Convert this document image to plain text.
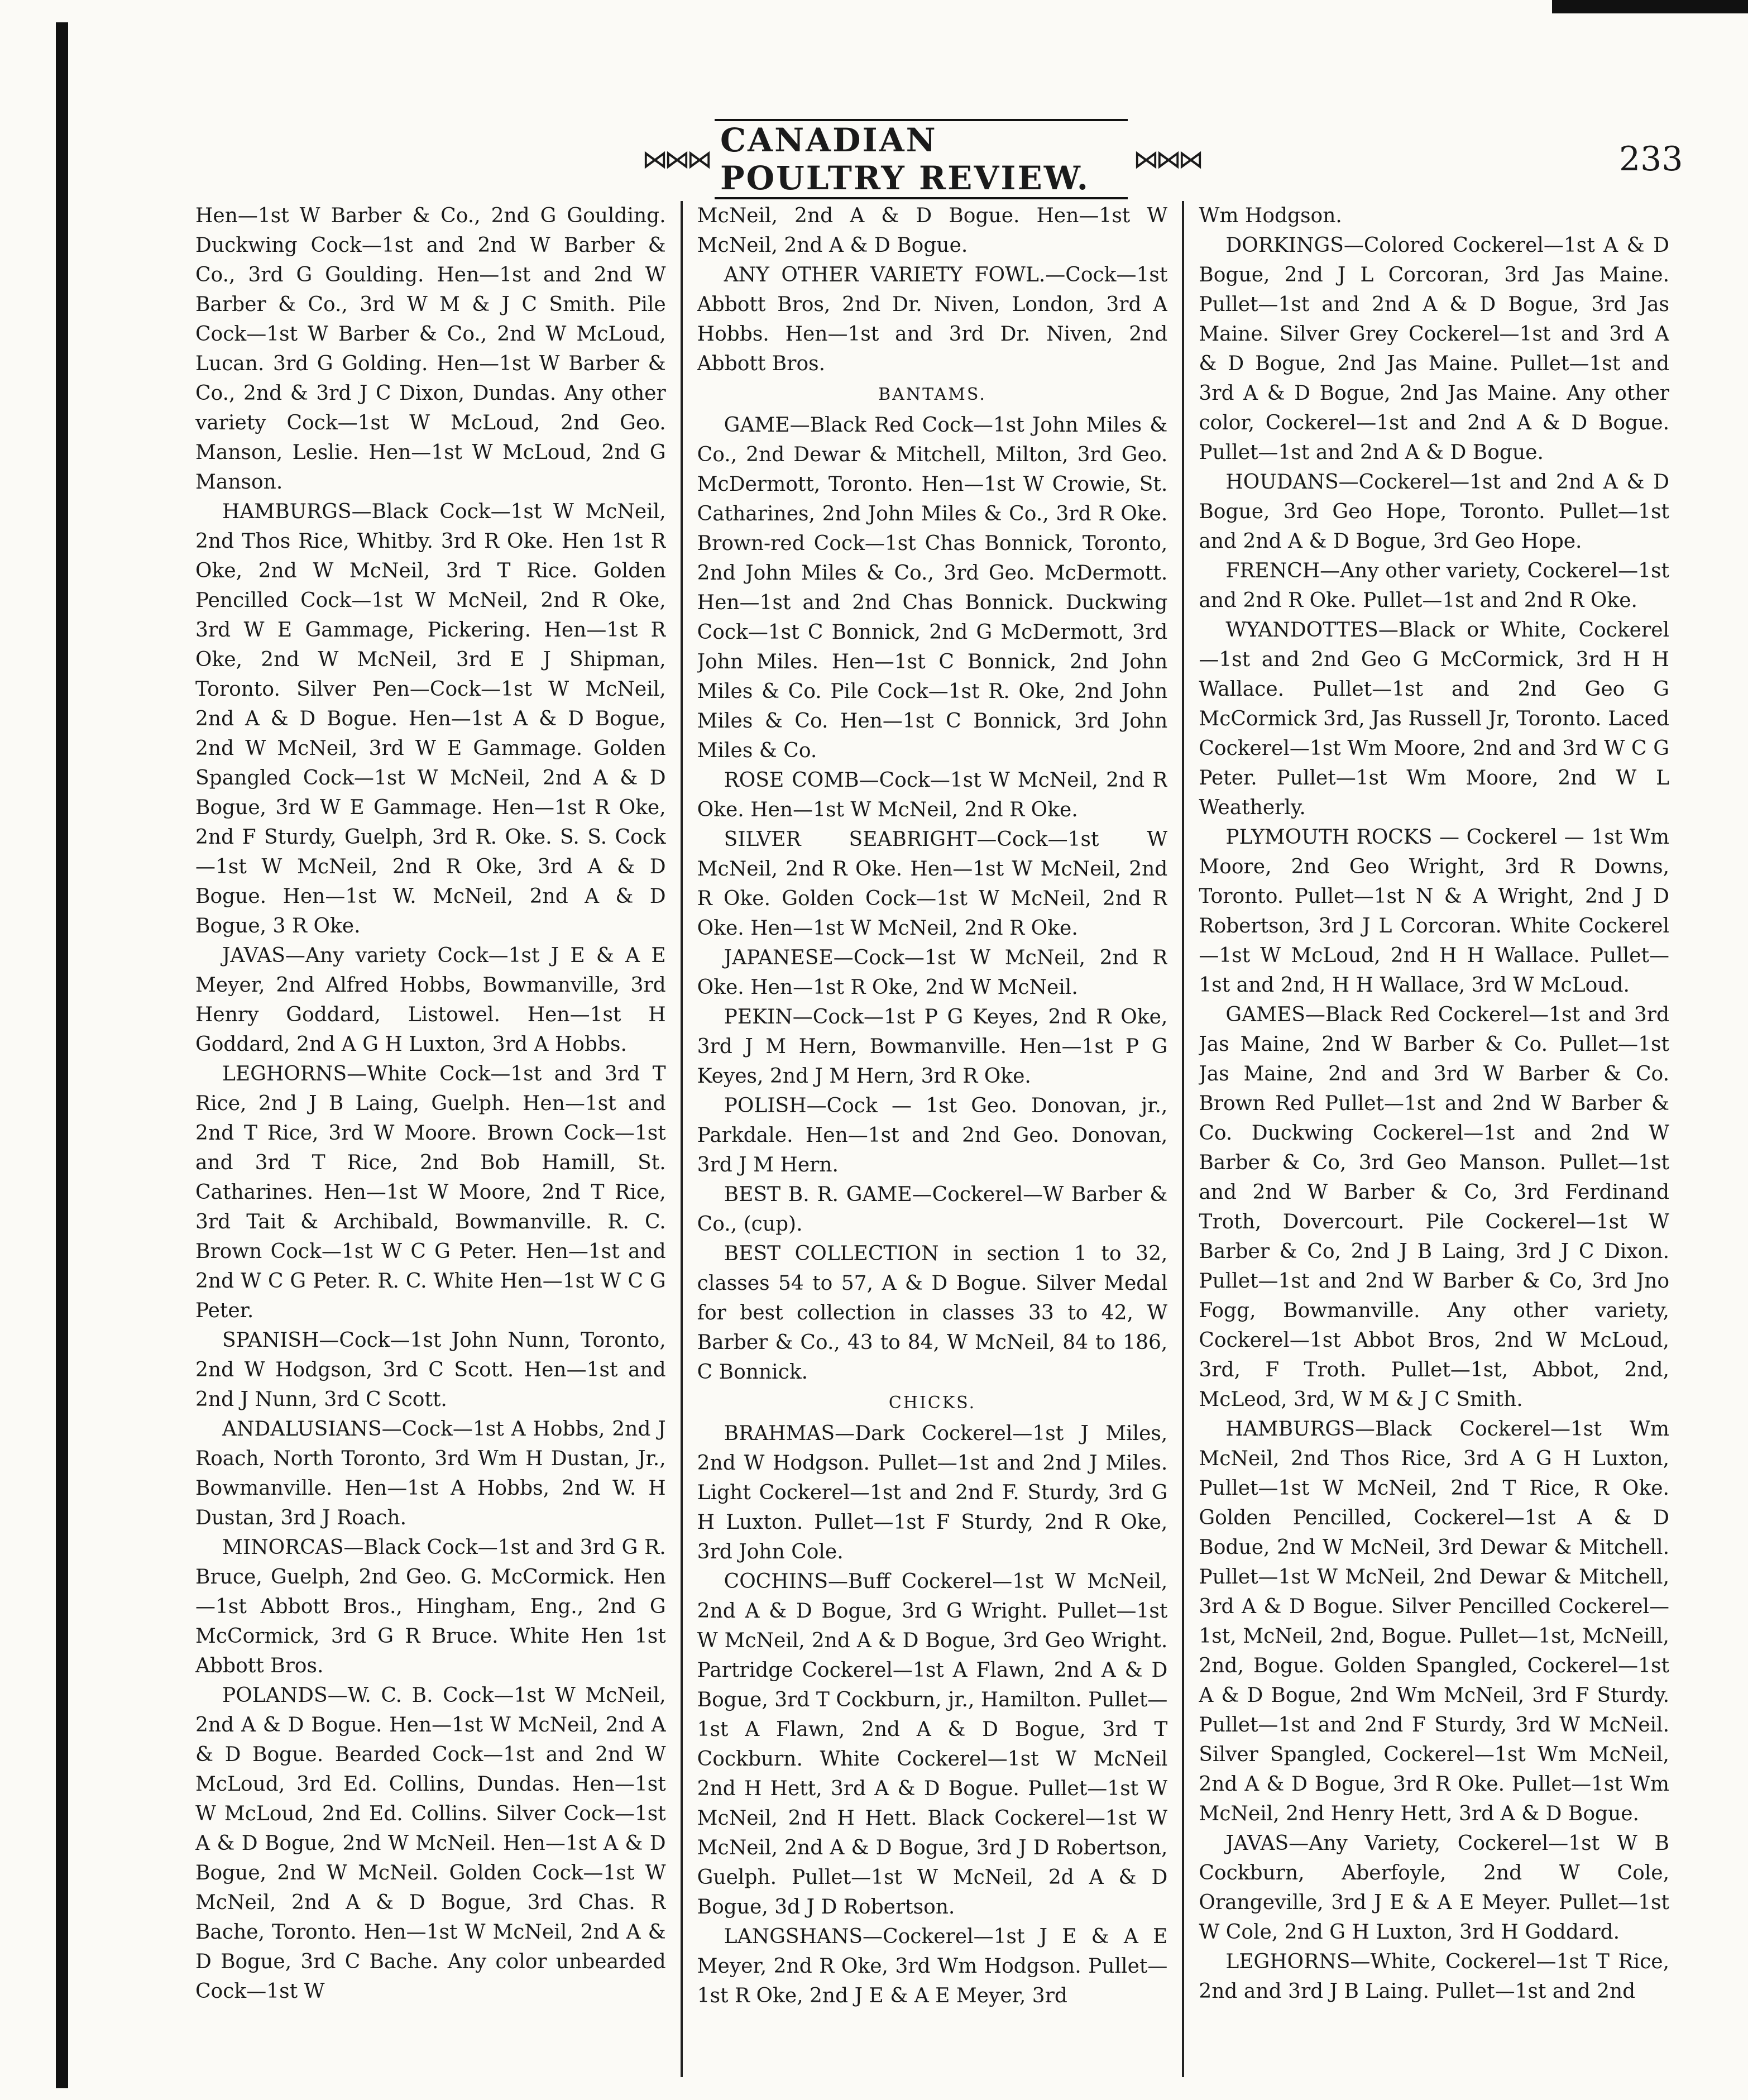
⋈⋈⋈ CANADIAN POULTRY REVIEW.	⋈⋈⋈	233

Hen—1st W Barber & Co., 2nd G Goulding. Duckwing Cock—1st and 2nd W Barber & Co., 3rd G Goulding. Hen—1st and 2nd W Barber & Co., 3rd W M & J C Smith. Pile Cock—1st W Barber & Co., 2nd W McLoud, Lucan. 3rd G Golding. Hen—1st W Barber & Co., 2nd & 3rd J C Dixon, Dundas. Any other variety Cock—1st W McLoud, 2nd Geo. Manson, Leslie. Hen—1st W McLoud, 2nd G Manson.

HAMBURGS—Black Cock—1st W McNeil, 2nd Thos Rice, Whitby. 3rd R Oke. Hen 1st R Oke, 2nd W McNeil, 3rd T Rice. Golden Pencilled Cock—1st W McNeil, 2nd R Oke, 3rd W E Gammage, Pickering. Hen—1st R Oke, 2nd W McNeil, 3rd E J Shipman, Toronto. Silver Pen—Cock—1st W McNeil, 2nd A & D Bogue. Hen—1st A & D Bogue, 2nd W McNeil, 3rd W E Gammage. Golden Spangled Cock—1st W McNeil, 2nd A & D Bogue, 3rd W E Gammage. Hen—1st R Oke, 2nd F Sturdy, Guelph, 3rd R. Oke. S. S. Cock—1st W McNeil, 2nd R Oke, 3rd A & D Bogue. Hen—1st W. McNeil, 2nd A & D Bogue, 3 R Oke.

JAVAS—Any variety Cock—1st J E & A E Meyer, 2nd Alfred Hobbs, Bowmanville, 3rd Henry Goddard, Listowel. Hen—1st H Goddard, 2nd A G H Luxton, 3rd A Hobbs.

LEGHORNS—White Cock—1st and 3rd T Rice, 2nd J B Laing, Guelph. Hen—1st and 2nd T Rice, 3rd W Moore. Brown Cock—1st and 3rd T Rice, 2nd Bob Hamill, St. Catharines. Hen—1st W Moore, 2nd T Rice, 3rd Tait & Archibald, Bowmanville. R. C. Brown Cock—1st W C G Peter. Hen—1st and 2nd W C G Peter. R. C. White Hen—1st W C G Peter.

SPANISH—Cock—1st John Nunn, Toronto, 2nd W Hodgson, 3rd C Scott. Hen—1st and 2nd J Nunn, 3rd C Scott.

ANDALUSIANS—Cock—1st A Hobbs, 2nd J Roach, North Toronto, 3rd Wm H Dustan, Jr., Bowmanville. Hen—1st A Hobbs, 2nd W. H Dustan, 3rd J Roach.

MINORCAS—Black Cock—1st and 3rd G R. Bruce, Guelph, 2nd Geo. G. McCormick. Hen—1st Abbott Bros., Hingham, Eng., 2nd G McCormick, 3rd G R Bruce. White Hen 1st Abbott Bros.

POLANDS—W. C. B. Cock—1st W McNeil, 2nd A & D Bogue. Hen—1st W McNeil, 2nd A & D Bogue. Bearded Cock—1st and 2nd W McLoud, 3rd Ed. Collins, Dundas. Hen—1st W McLoud, 2nd Ed. Collins. Silver Cock—1st A & D Bogue, 2nd W McNeil. Hen—1st A & D Bogue, 2nd W McNeil. Golden Cock—1st W McNeil, 2nd A & D Bogue, 3rd Chas. R Bache, Toronto. Hen—1st W McNeil, 2nd A & D Bogue, 3rd C Bache. Any color unbearded Cock—1st W

McNeil, 2nd A & D Bogue. Hen—1st W McNeil, 2nd A & D Bogue.

ANY OTHER VARIETY FOWL.—Cock—1st Abbott Bros, 2nd Dr. Niven, London, 3rd A Hobbs. Hen—1st and 3rd Dr. Niven, 2nd Abbott Bros.

BANTAMS.

GAME—Black Red Cock—1st John Miles & Co., 2nd Dewar & Mitchell, Milton, 3rd Geo. McDermott, Toronto. Hen—1st W Crowie, St. Catharines, 2nd John Miles & Co., 3rd R Oke. Brown-red Cock—1st Chas Bonnick, Toronto, 2nd John Miles & Co., 3rd Geo. McDermott. Hen—1st and 2nd Chas Bonnick. Duckwing Cock—1st C Bonnick, 2nd G McDermott, 3rd John Miles. Hen—1st C Bonnick, 2nd John Miles & Co. Pile Cock—1st R. Oke, 2nd John Miles & Co. Hen—1st C Bonnick, 3rd John Miles & Co.

ROSE COMB—Cock—1st W McNeil, 2nd R Oke. Hen—1st W McNeil, 2nd R Oke.

SILVER SEABRIGHT—Cock—1st W McNeil, 2nd R Oke. Hen—1st W McNeil, 2nd R Oke. Golden Cock—1st W McNeil, 2nd R Oke. Hen—1st W McNeil, 2nd R Oke.

JAPANESE—Cock—1st W McNeil, 2nd R Oke. Hen—1st R Oke, 2nd W McNeil.

PEKIN—Cock—1st P G Keyes, 2nd R Oke, 3rd J M Hern, Bowmanville. Hen—1st P G Keyes, 2nd J M Hern, 3rd R Oke.

POLISH—Cock — 1st Geo. Donovan, jr., Parkdale. Hen—1st and 2nd Geo. Donovan, 3rd J M Hern.

BEST B. R. GAME—Cockerel—W Barber & Co., (cup).

BEST COLLECTION in section 1 to 32, classes 54 to 57, A & D Bogue. Silver Medal for best collection in classes 33 to 42, W Barber & Co., 43 to 84, W McNeil, 84 to 186, C Bonnick.

CHICKS.

BRAHMAS—Dark Cockerel—1st J Miles, 2nd W Hodgson. Pullet—1st and 2nd J Miles. Light Cockerel—1st and 2nd F. Sturdy, 3rd G H Luxton. Pullet—1st F Sturdy, 2nd R Oke, 3rd John Cole.

COCHINS—Buff Cockerel—1st W McNeil, 2nd A & D Bogue, 3rd G Wright. Pullet—1st W McNeil, 2nd A & D Bogue, 3rd Geo Wright. Partridge Cockerel—1st A Flawn, 2nd A & D Bogue, 3rd T Cockburn, jr., Hamilton. Pullet—1st A Flawn, 2nd A & D Bogue, 3rd T Cockburn. White Cockerel—1st W McNeil 2nd H Hett, 3rd A & D Bogue. Pullet—1st W McNeil, 2nd H Hett. Black Cockerel—1st W McNeil, 2nd A & D Bogue, 3rd J D Robertson, Guelph. Pullet—1st W McNeil, 2d A & D Bogue, 3d J D Robertson.

LANGSHANS—Cockerel—1st J E & A E Meyer, 2nd R Oke, 3rd Wm Hodgson. Pullet—1st R Oke, 2nd J E & A E Meyer, 3rd

Wm Hodgson.

DORKINGS—Colored Cockerel—1st A & D Bogue, 2nd J L Corcoran, 3rd Jas Maine. Pullet—1st and 2nd A & D Bogue, 3rd Jas Maine. Silver Grey Cockerel—1st and 3rd A & D Bogue, 2nd Jas Maine. Pullet—1st and 3rd A & D Bogue, 2nd Jas Maine. Any other color, Cockerel—1st and 2nd A & D Bogue. Pullet—1st and 2nd A & D Bogue.

HOUDANS—Cockerel—1st and 2nd A & D Bogue, 3rd Geo Hope, Toronto. Pullet—1st and 2nd A & D Bogue, 3rd Geo Hope.

FRENCH—Any other variety, Cockerel—1st and 2nd R Oke. Pullet—1st and 2nd R Oke.

WYANDOTTES—Black or White, Cockerel—1st and 2nd Geo G McCormick, 3rd H H Wallace. Pullet—1st and 2nd Geo G McCormick 3rd, Jas Russell Jr, Toronto. Laced Cockerel—1st Wm Moore, 2nd and 3rd W C G Peter. Pullet—1st Wm Moore, 2nd W L Weatherly.

PLYMOUTH ROCKS — Cockerel — 1st Wm Moore, 2nd Geo Wright, 3rd R Downs, Toronto. Pullet—1st N & A Wright, 2nd J D Robertson, 3rd J L Corcoran. White Cockerel—1st W McLoud, 2nd H H Wallace. Pullet—1st and 2nd, H H Wallace, 3rd W McLoud.

GAMES—Black Red Cockerel—1st and 3rd Jas Maine, 2nd W Barber & Co. Pullet—1st Jas Maine, 2nd and 3rd W Barber & Co. Brown Red Pullet—1st and 2nd W Barber & Co. Duckwing Cockerel—1st and 2nd W Barber & Co, 3rd Geo Manson. Pullet—1st and 2nd W Barber & Co, 3rd Ferdinand Troth, Dovercourt. Pile Cockerel—1st W Barber & Co, 2nd J B Laing, 3rd J C Dixon. Pullet—1st and 2nd W Barber & Co, 3rd Jno Fogg, Bowmanville. Any other variety, Cockerel—1st Abbot Bros, 2nd W McLoud, 3rd, F Troth. Pullet—1st, Abbot, 2nd, McLeod, 3rd, W M & J C Smith.

HAMBURGS—Black Cockerel—1st Wm McNeil, 2nd Thos Rice, 3rd A G H Luxton, Pullet—1st W McNeil, 2nd T Rice, R Oke. Golden Pencilled, Cockerel—1st A & D Bodue, 2nd W McNeil, 3rd Dewar & Mitchell. Pullet—1st W McNeil, 2nd Dewar & Mitchell, 3rd A & D Bogue. Silver Pencilled Cockerel—1st, McNeil, 2nd, Bogue. Pullet—1st, McNeill, 2nd, Bogue. Golden Spangled, Cockerel—1st A & D Bogue, 2nd Wm McNeil, 3rd F Sturdy. Pullet—1st and 2nd F Sturdy, 3rd W McNeil. Silver Spangled, Cockerel—1st Wm McNeil, 2nd A & D Bogue, 3rd R Oke. Pullet—1st Wm McNeil, 2nd Henry Hett, 3rd A & D Bogue.

JAVAS—Any Variety, Cockerel—1st W B Cockburn, Aberfoyle, 2nd W Cole, Orangeville, 3rd J E & A E Meyer. Pullet—1st W Cole, 2nd G H Luxton, 3rd H Goddard.

LEGHORNS—White, Cockerel—1st T Rice, 2nd and 3rd J B Laing. Pullet—1st and 2nd
